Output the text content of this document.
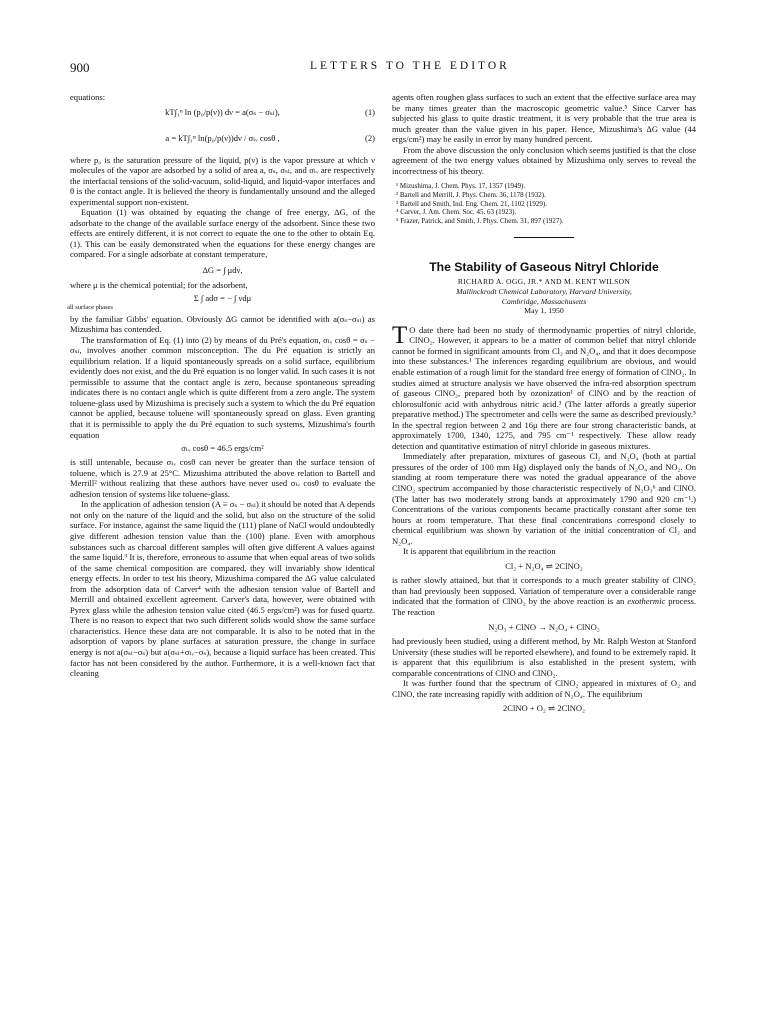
900	LETTERS TO THE EDITOR

equations:

kT∫₁ⁿ ln (p₀/p(ν)) dν = a(σₛ − σₛₗ),	(1)
a = kT∫₁ⁿ ln(p₀/p(ν))dν / σₗᵥ cosθ ,	(2)

where p₀ is the saturation pressure of the liquid, p(ν) is the vapor pressure at which ν molecules of the vapor are adsorbed by a solid of area a, σₛ, σₛₗ, and σₗᵥ are respectively the interfacial tensions of the solid-vacuum, solid-liquid, and liquid-vapor interfaces and θ is the contact angle. It is believed the theory is fundamentally unsound and the alleged experimental support non-existent.

Equation (1) was obtained by equating the change of free energy, ΔG, of the adsorbate to the change of the available surface energy of the adsorbent. Since these two effects are entirely different, it is not correct to equate the one to the other to obtain Eq. (1). This can be easily demonstrated when the equations for these energy changes are compared. For a single adsorbate at constant temperature,

ΔG = ∫ μdν,

where μ is the chemical potential; for the adsorbent,

Σ ∫ adσ = − ∫ νdμ
all surface phases

by the familiar Gibbs' equation. Obviously ΔG cannot be identified with a(σₛ−σₛₗ) as Mizushima has contended.

The transformation of Eq. (1) into (2) by means of du Pré's equation, σₗᵥ cosθ = σₛ − σₛₗ, involves another common misconception. The du Pré equation is strictly an equilibrium relation. If a liquid spontaneously spreads on a solid surface, equilibrium evidently does not exist, and the du Pré equation is no longer valid. In such cases it is not permissible to assume that the contact angle is zero, because spontaneous spreading indicates there is no contact angle which is quite different from a zero angle. The system toluene-glass used by Mizushima is precisely such a system to which the du Pré equation cannot be applied, because toluene will spontaneously spread on glass. Even granting that it is permissible to apply the du Pré equation to such systems, Mizushima's fourth equation

σₗᵥ cosθ = 46.5 ergs/cm²

is still untenable, because σₗᵥ cosθ can never be greater than the surface tension of toluene, which is 27.9 at 25°C. Mizushima attributed the above relation to Bartell and Merrill² without realizing that these authors have never used σₗᵥ cosθ to evaluate the adhesion tension of systems like toluene-glass.

In the application of adhesion tension (A ≡ σₛ − σₛₗ) it should be noted that A depends not only on the nature of the liquid and the solid, but also on the structure of the solid surface. For instance, against the same liquid the (111) plane of NaCl would undoubtedly give different adhesion tension value than the (100) plane. Even with amorphous substances such as charcoal different samples will often give different A values against the same liquid.³ It is, therefore, erroneous to assume that when equal areas of two solids of the same chemical composition are compared, they will invariably show identical energy effects. In order to test his theory, Mizushima compared the ΔG value calculated from the adsorption data of Carver⁴ with the adhesion tension value of Bartell and Merrill and obtained excellent agreement. Carver's data, however, were obtained with Pyrex glass while the adhesion tension value cited (46.5 ergs/cm²) was for fused quartz. There is no reason to expect that two such different solids would show the same surface characteristics. Hence these data are not comparable. It is also to be noted that in the adsorption of vapors by plane surfaces at saturation pressure, the change in surface energy is not a(σₛₗ−σₛ) but a(σₛₗ+σₗᵥ−σₛ), because a liquid surface has been created. This factor has not been considered by the author. Furthermore, it is a well-known fact that cleaning

agents often roughen glass surfaces to such an extent that the effective surface area may be many times greater than the macroscopic geometric value.⁵ Since Carver has subjected his glass to quite drastic treatment, it is very probable that the true area is much greater than the value given in his paper. Hence, Mizushima's ΔG value (44 ergs/cm²) may be easily in error by many hundred percent.

From the above discussion the only conclusion which seems justified is that the close agreement of the two energy values obtained by Mizushima only serves to reveal the incorrectness of his theory.

¹ Mizushima, J. Chem. Phys. 17, 1357 (1949).

² Bartell and Merrill, J. Phys. Chem. 36, 1178 (1932).

³ Bartell and Smith, Ind. Eng. Chem. 21, 1102 (1929).

⁴ Carver, J. Am. Chem. Soc. 45, 63 (1923).

⁵ Frazer, Patrick, and Smith, J. Phys. Chem. 31, 897 (1927).

The Stability of Gaseous Nitryl Chloride
RICHARD A. OGG, JR.* AND M. KENT WILSON
Mallinckrodt Chemical Laboratory, Harvard University,
Cambridge, Massachusetts
May 1, 1950

T O date there had been no study of thermodynamic properties of nitryl chloride, ClNO₂. However, it appears to be a matter of common belief that nitryl chloride cannot be formed in significant amounts from Cl₂ and N₂O₄, and that it does decompose into these substances.¹ The inferences regarding equilibrium are obvious, and would enable estimation of a rough limit for the standard free energy of formation of ClNO₂. In studies aimed at structure analysis we have observed the infra-red absorption spectrum of gaseous ClNO₂, prepared both by ozonization¹ of ClNO and by the reaction of chlorosulfonic acid with anhydrous nitric acid.³ (The latter affords a greatly superior preparative method.) The spectrometer and cells were the same as described previously.⁵ In the spectral region between 2 and 16μ there are four strong characteristic bands, at approximately 1700, 1340, 1275, and 795 cm⁻¹ respectively. These allow ready detection and quantitative estimation of nitryl chloride in gaseous mixtures.

Immediately after preparation, mixtures of gaseous Cl₂ and N₂O₄ (both at partial pressures of the order of 100 mm Hg) displayed only the bands of N₂O₄ and NO₂. On standing at room temperature there was noted the gradual appearance of the above ClNO₂ spectrum accompanied by those characteristic respectively of N₂O₃⁶ and ClNO. (The latter has two moderately strong bands at approximately 1790 and 920 cm⁻¹.) Concentrations of the various components became practically constant after some ten hours at room temperature. That these final concentrations correspond closely to chemical equilibrium was shown by variation of the initial concentration of Cl₂ and N₂O₄.

It is apparent that equilibrium in the reaction

Cl₂ + N₂O₄ ⇌ 2ClNO₂

is rather slowly attained, but that it corresponds to a much greater stability of ClNO₂ than had previously been supposed. Variation of temperature over a considerable range indicated that the formation of ClNO₂ by the above reaction is an exothermic process. The reaction

N₂O₃ + ClNO → N₂O₄ + ClNO₂

had previously been studied, using a different method, by Mr. Ralph Weston at Stanford University (these studies will be reported elsewhere), and found to be extremely rapid. It is apparent that this equilibrium is also established in the present system, with comparable concentrations of ClNO and ClNO₂.

It was further found that the spectrum of ClNO₂ appeared in mixtures of O₂ and ClNO, the rate increasing rapidly with addition of N₂O₄. The equilibrium

2ClNO + O₂ ⇌ 2ClNO₂
